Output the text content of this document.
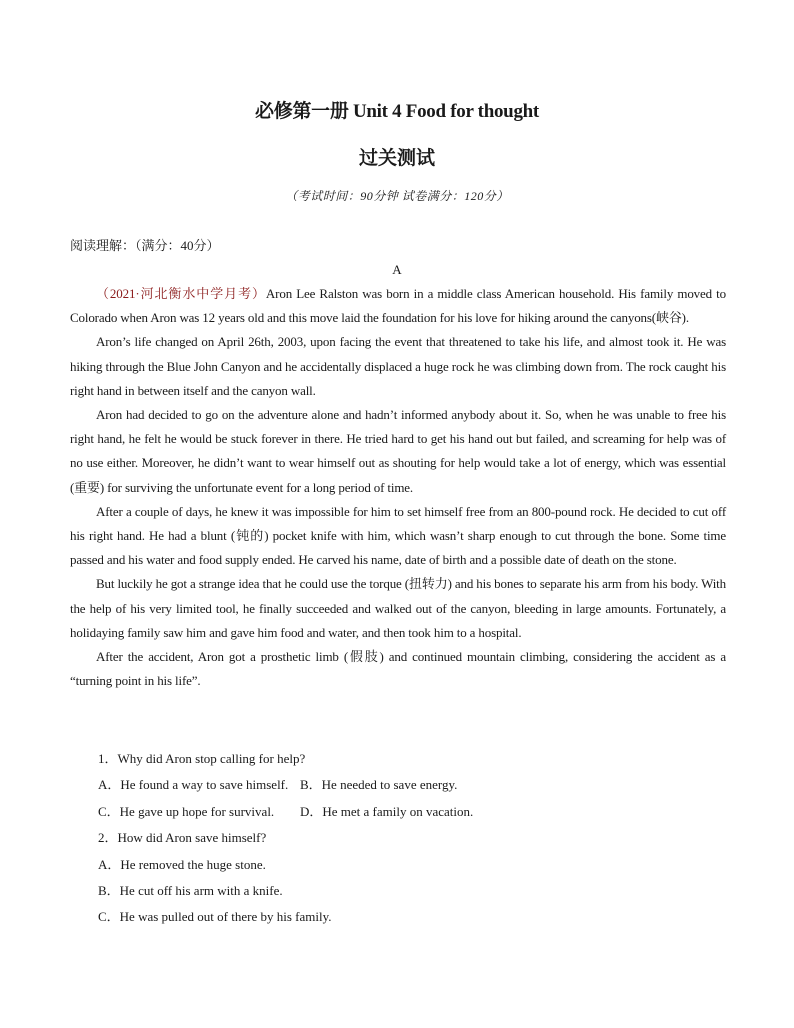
必修第一册 Unit 4 Food for thought
过关测试
（考试时间：90分钟 试卷满分：120分）
阅读理解：（满分：40分）
A

（2021·河北衡水中学月考）Aron Lee Ralston was born in a middle class American household. His family moved to Colorado when Aron was 12 years old and this move laid the foundation for his love for hiking around the canyons(峡谷).

Aron’s life changed on April 26th, 2003, upon facing the event that threatened to take his life, and almost took it. He was hiking through the Blue John Canyon and he accidentally displaced a huge rock he was climbing down from. The rock caught his right hand in between itself and the canyon wall.

Aron had decided to go on the adventure alone and hadn’t informed anybody about it. So, when he was unable to free his right hand, he felt he would be stuck forever in there. He tried hard to get his hand out but failed, and screaming for help was of no use either. Moreover, he didn’t want to wear himself out as shouting for help would take a lot of energy, which was essential (重要) for surviving the unfortunate event for a long period of time.

After a couple of days, he knew it was impossible for him to set himself free from an 800-pound rock. He decided to cut off his right hand. He had a blunt (钝的) pocket knife with him, which wasn’t sharp enough to cut through the bone. Some time passed and his water and food supply ended. He carved his name, date of birth and a possible date of death on the stone.

But luckily he got a strange idea that he could use the torque (扭转力) and his bones to separate his arm from his body. With the help of his very limited tool, he finally succeeded and walked out of the canyon, bleeding in large amounts. Fortunately, a holidaying family saw him and gave him food and water, and then took him to a hospital.

After the accident, Aron got a prosthetic limb (假肢) and continued mountain climbing, considering the accident as a “turning point in his life”.

1．Why did Aron stop calling for help?
A．He found a way to save himself. B．He needed to save energy.
C．He gave up hope for survival.	D．He met a family on vacation.
2．How did Aron save himself?
A．He removed the huge stone.
B．He cut off his arm with a knife.
C．He was pulled out of there by his family.
